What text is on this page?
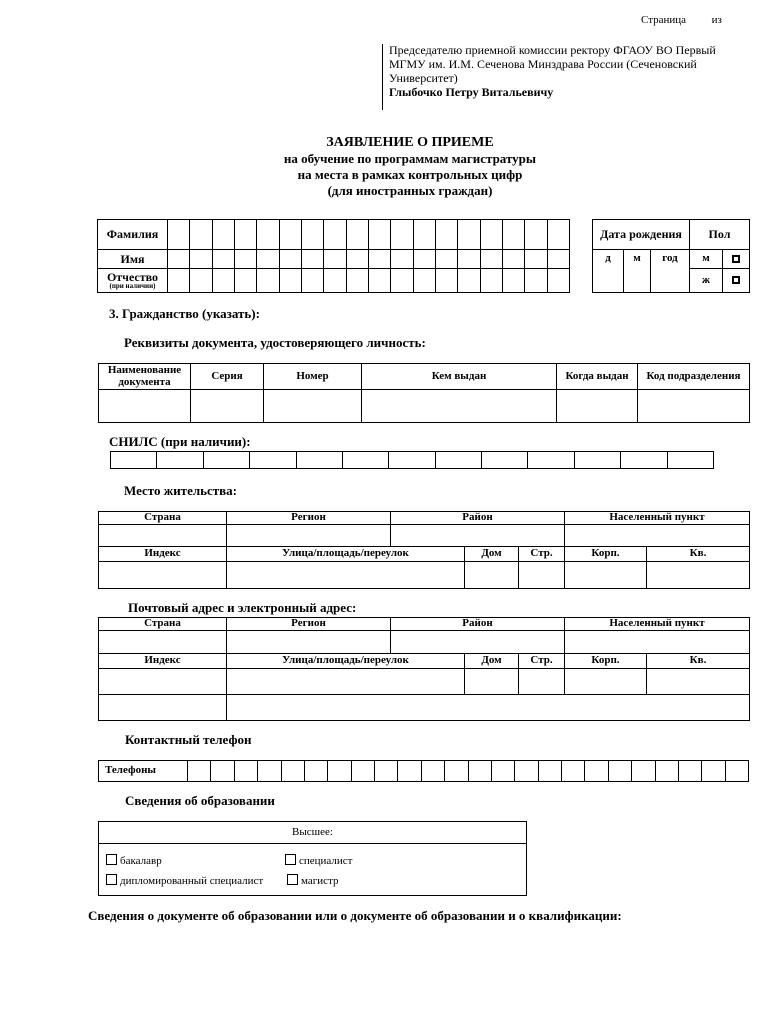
Страница из
Председателю приемной комиссии ректору ФГАОУ ВО Первый
МГМУ им. И.М. Сеченова Минздрава России (Сеченовский
Университет)
Глыбочко Петру Витальевичу
ЗАЯВЛЕНИЕ О ПРИЕМЕ
на обучение по программам магистратуры
на места в рамках контрольных цифр
(для иностранных граждан)
Фамилия																		
Имя																		

Отчество
(при наличии)																		

Дата рождения			Пол	
д	м	год	м	
			ж	
3. Гражданство (указать):
Реквизиты документа, удостоверяющего личность:
Наименование документа	Серия	Номер	Кем выдан	Когда выдан	Код подразделения

СНИЛС (при наличии):

Место жительства:
Страна	Регион	Район			Населенный пункт	

Индекс	Улица/площадь/переулок		Дом	Стр.	Корп.	Кв.

Почтовый адрес и электронный адрес:
Страна	Регион	Район			Населенный пункт	

Индекс	Улица/площадь/переулок		Дом	Стр.	Корп.	Кв.

Контактный телефон
Телефоны																								
Сведения об образовании
Высшее:
бакалавр	специалист
дипломированный специалист	магистр
Сведения о документе об образовании или о документе об образовании и о квалификации:
